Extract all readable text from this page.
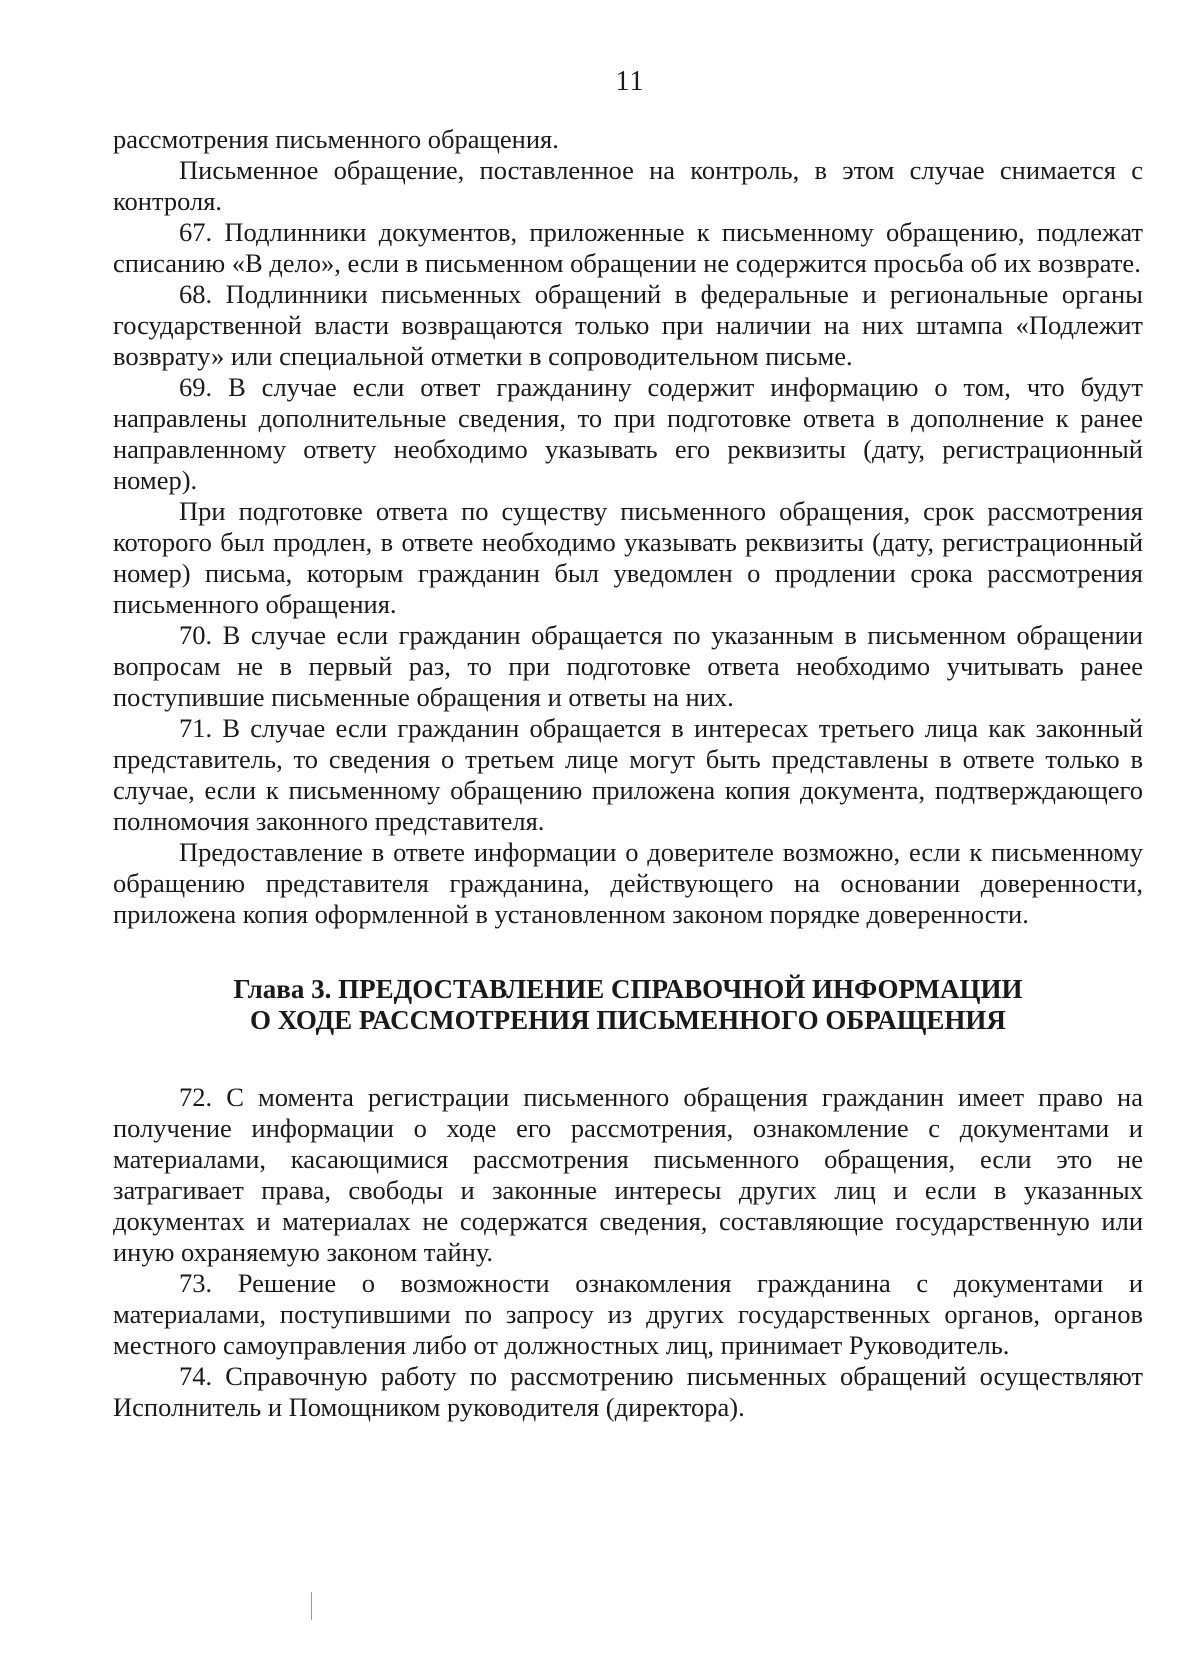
11

рассмотрения письменного обращения.

Письменное обращение, поставленное на контроль, в этом случае снимается с контроля.

67. Подлинники документов, приложенные к письменному обращению, подлежат списанию «В дело», если в письменном обращении не содержится просьба об их возврате.

68. Подлинники письменных обращений в федеральные и региональные органы государственной власти возвращаются только при наличии на них штампа «Подлежит возврату» или специальной отметки в сопроводительном письме.

69. В случае если ответ гражданину содержит информацию о том, что будут направлены дополнительные сведения, то при подготовке ответа в дополнение к ранее направленному ответу необходимо указывать его реквизиты (дату, регистрационный номер).

При подготовке ответа по существу письменного обращения, срок рассмотрения которого был продлен, в ответе необходимо указывать реквизиты (дату, регистрационный номер) письма, которым гражданин был уведомлен о продлении срока рассмотрения письменного обращения.

70. В случае если гражданин обращается по указанным в письменном обращении вопросам не в первый раз, то при подготовке ответа необходимо учитывать ранее поступившие письменные обращения и ответы на них.

71. В случае если гражданин обращается в интересах третьего лица как законный представитель, то сведения о третьем лице могут быть представлены в ответе только в случае, если к письменному обращению приложена копия документа, подтверждающего полномочия законного представителя.

Предоставление в ответе информации о доверителе возможно, если к письменному обращению представителя гражданина, действующего на основании доверенности, приложена копия оформленной в установленном законом порядке доверенности.

Глава 3. ПРЕДОСТАВЛЕНИЕ СПРАВОЧНОЙ ИНФОРМАЦИИ
О ХОДЕ РАССМОТРЕНИЯ ПИСЬМЕННОГО ОБРАЩЕНИЯ

72. С момента регистрации письменного обращения гражданин имеет право на получение информации о ходе его рассмотрения, ознакомление с документами и материалами, касающимися рассмотрения письменного обращения, если это не затрагивает права, свободы и законные интересы других лиц и если в указанных документах и материалах не содержатся сведения, составляющие государственную или иную охраняемую законом тайну.

73. Решение о возможности ознакомления гражданина с документами и материалами, поступившими по запросу из других государственных органов, органов местного самоуправления либо от должностных лиц, принимает Руководитель.

74. Справочную работу по рассмотрению письменных обращений осуществляют Исполнитель и Помощником руководителя (директора).
